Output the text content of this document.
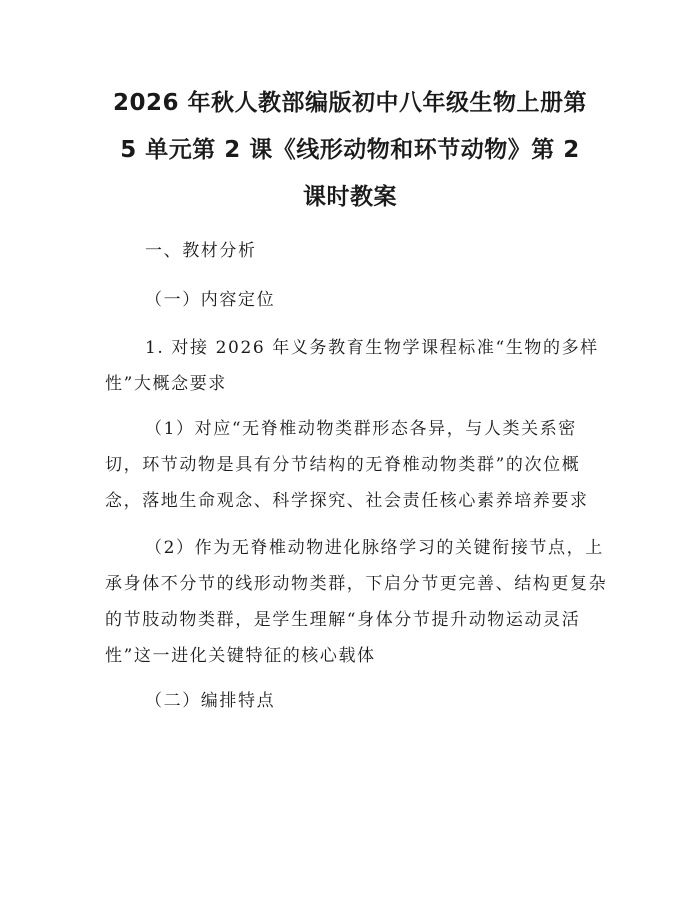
2026 年秋人教部编版初中八年级生物上册第
5 单元第 2 课《线形动物和环节动物》第 2
课时教案

一、教材分析

（一）内容定位

1. 对接 2026 年义务教育生物学课程标准“生物的多样
性”大概念要求

（1）对应“无脊椎动物类群形态各异，与人类关系密
切，环节动物是具有分节结构的无脊椎动物类群”的次位概
念，落地生命观念、科学探究、社会责任核心素养培养要求

（2）作为无脊椎动物进化脉络学习的关键衔接节点，上
承身体不分节的线形动物类群，下启分节更完善、结构更复杂
的节肢动物类群，是学生理解“身体分节提升动物运动灵活
性”这一进化关键特征的核心载体

（二）编排特点
